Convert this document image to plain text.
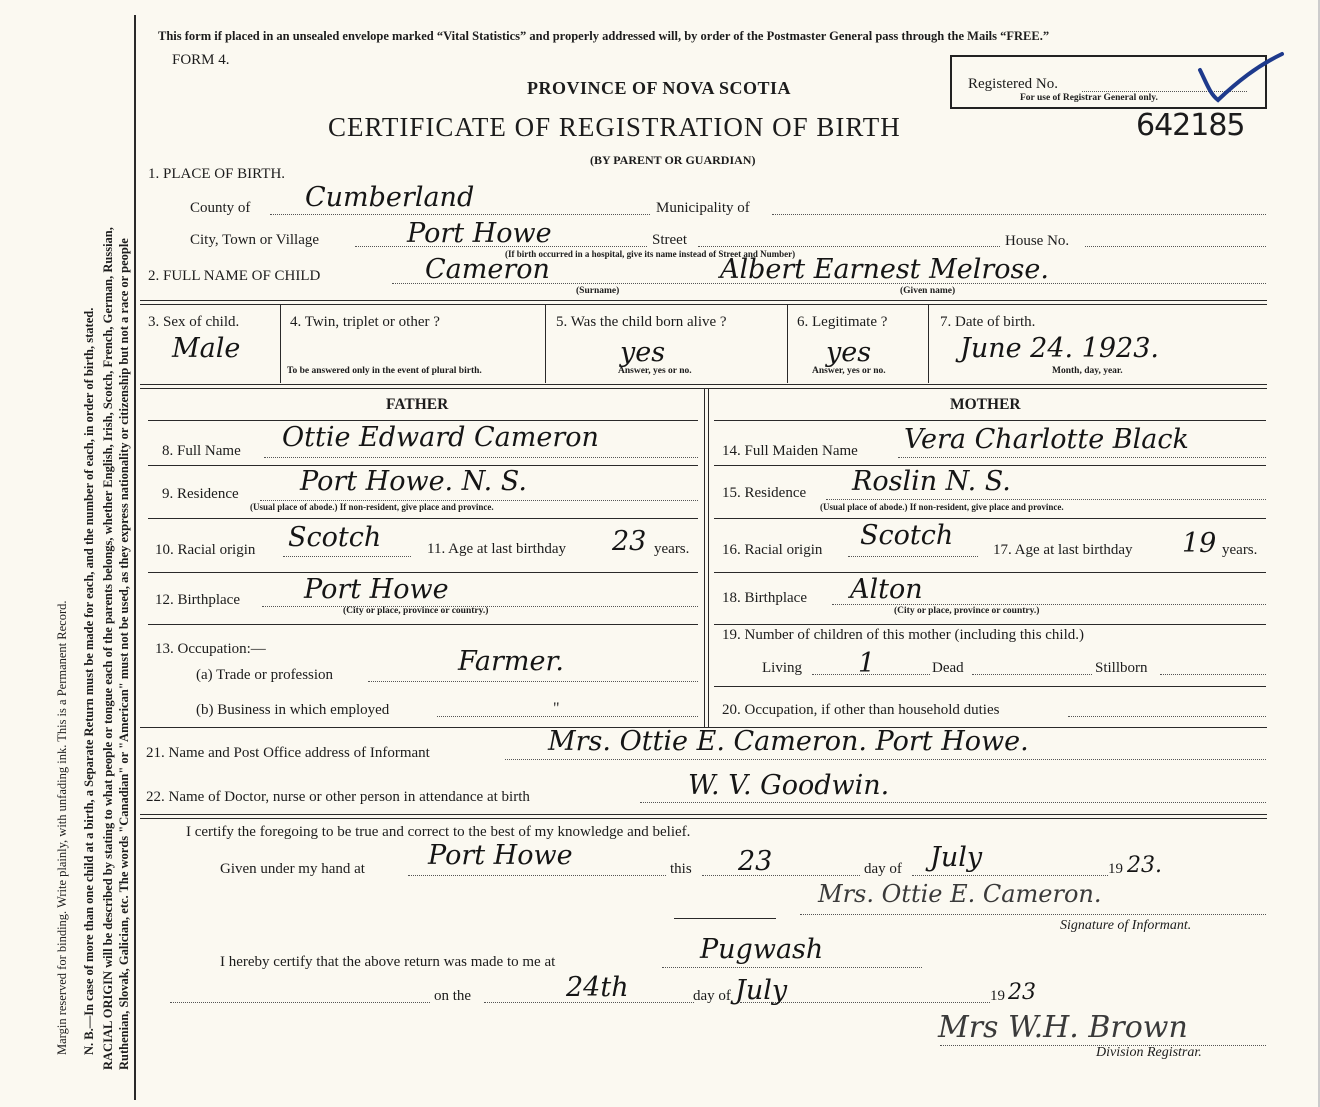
Margin reserved for binding. Write plainly, with unfading ink. This is a Permanent Record. N. B.—In case of more than one child at a birth, a Separate Return must be made for each, and the number of each, in order of birth, stated. RACIAL ORIGIN will be described by stating to what people or tongue each of the parents belongs, whether English, Irish, Scotch, French, German, Russian, Ruthenian, Slovak, Galician, etc. The words "Canadian" or "American" must not be used, as they express nationality or citizenship but not a race or people
This form if placed in an unsealed envelope marked “Vital Statistics” and properly addressed will, by order of the Postmaster General pass through the Mails “FREE.”
FORM 4.
PROVINCE OF NOVA SCOTIA
CERTIFICATE OF REGISTRATION OF BIRTH
(BY PARENT OR GUARDIAN)
Registered No.
For use of Registrar General only.
642185
1. PLACE OF BIRTH.
County of Cumberland	Municipality of
City, Town or Village	Port Howe	Street	House No.
(If birth occurred in a hospital, give its name instead of Street and Number)
2. FULL NAME OF CHILD	Cameron
(Surname)
Albert Earnest Melrose.
(Given name)
3. Sex of child.
Male
4. Twin, triplet or other ?
To be answered only in the event of plural birth.
5. Was the child born alive ?
yes
Answer, yes or no.
6. Legitimate ?
yes
Answer, yes or no.
7. Date of birth.
June 24. 1923.
Month, day, year.
FATHER	MOTHER
8. Full Name Ottie Edward Cameron
9. Residence Port Howe. N. S.
(Usual place of abode.) If non-resident, give place and province.
10. Racial origin Scotch	11. Age at last birthday 23 years.
12. Birthplace Port Howe
(City or place, province or country.)
13. Occupation:—
(a) Trade or profession	Farmer.
(b) Business in which employed	"
14. Full Maiden Name Vera Charlotte Black
15. Residence Roslin N. S.
(Usual place of abode.) If non-resident, give place and province.
16. Racial origin Scotch	17. Age at last birthday 19 years.
18. Birthplace Alton
(City or place, province or country.)
19. Number of children of this mother (including this child.)
Living 1	Dead	Stillborn
20. Occupation, if other than household duties
21. Name and Post Office address of Informant	Mrs. Ottie E. Cameron. Port Howe.
22. Name of Doctor, nurse or other person in attendance at birth	W. V. Goodwin.
I certify the foregoing to be true and correct to the best of my knowledge and belief.
Given under my hand at Port Howe	this 23	day of July	19 23.
Mrs. Ottie E. Cameron.
Signature of Informant.
I hereby certify that the above return was made to me at	Pugwash
on the	24th	day of July	19 23
Mrs W.H. Brown
Division Registrar.
